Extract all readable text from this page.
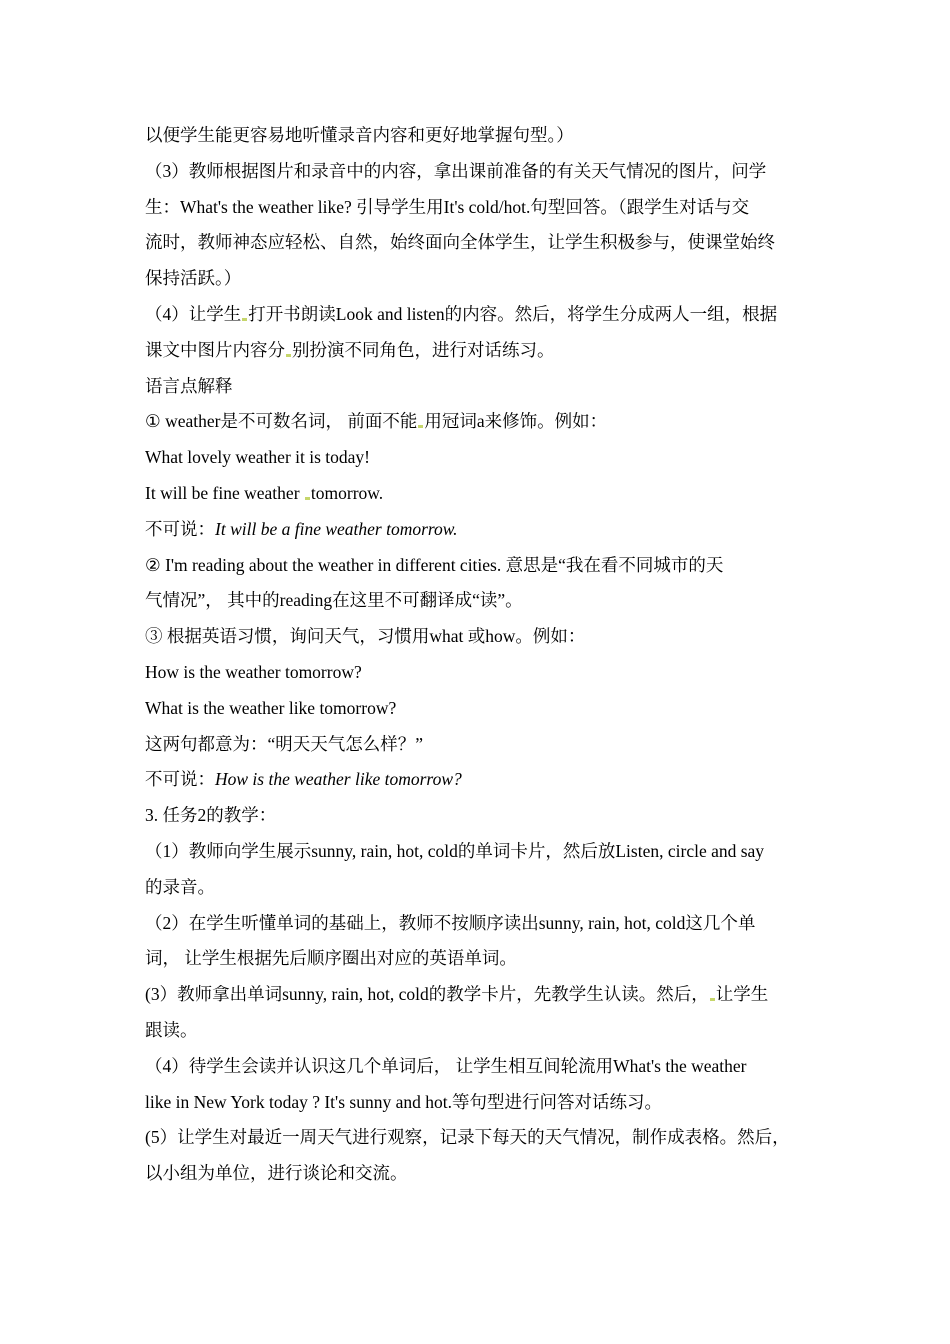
以便学生能更容易地听懂录音内容和更好地掌握句型。）
（3）教师根据图片和录音中的内容，拿出课前准备的有关天气情况的图片，问学
生：What's the weather like? 引导学生用It's cold/hot.句型回答。（跟学生对话与交
流时，教师神态应轻松、自然，始终面向全体学生，让学生积极参与，使课堂始终
保持活跃。）
（4）让学生 打开书朗读Look and listen的内容。然后，将学生分成两人一组，根据
课文中图片内容分 别扮演不同角色，进行对话练习。
语言点解释
① weather是不可数名词， 前面不能 用冠词a来修饰。例如：
What lovely weather it is today!
It will be fine weather tomorrow.
不可说：It will be a fine weather tomorrow.
② I'm reading about the weather in different cities. 意思是“我在看不同城市的天
气情况”， 其中的reading在这里不可翻译成“读”。
③ 根据英语习惯，询问天气，习惯用what 或how。例如：
How is the weather tomorrow?
What is the weather like tomorrow?
这两句都意为：“明天天气怎么样？”
不可说：How is the weather like tomorrow?
3. 任务2的教学：
（1）教师向学生展示sunny, rain, hot, cold的单词卡片，然后放Listen, circle and say
的录音。
（2）在学生听懂单词的基础上，教师不按顺序读出sunny, rain, hot, cold这几个单
词， 让学生根据先后顺序圈出对应的英语单词。
(3）教师拿出单词sunny, rain, hot, cold的教学卡片，先教学生认读。然后， 让学生
跟读。
（4）待学生会读并认识这几个单词后， 让学生相互间轮流用What's the weather
like in New York today ? It's sunny and hot.等句型进行问答对话练习。
(5）让学生对最近一周天气进行观察，记录下每天的天气情况，制作成表格。然后，
以小组为单位，进行谈论和交流。
